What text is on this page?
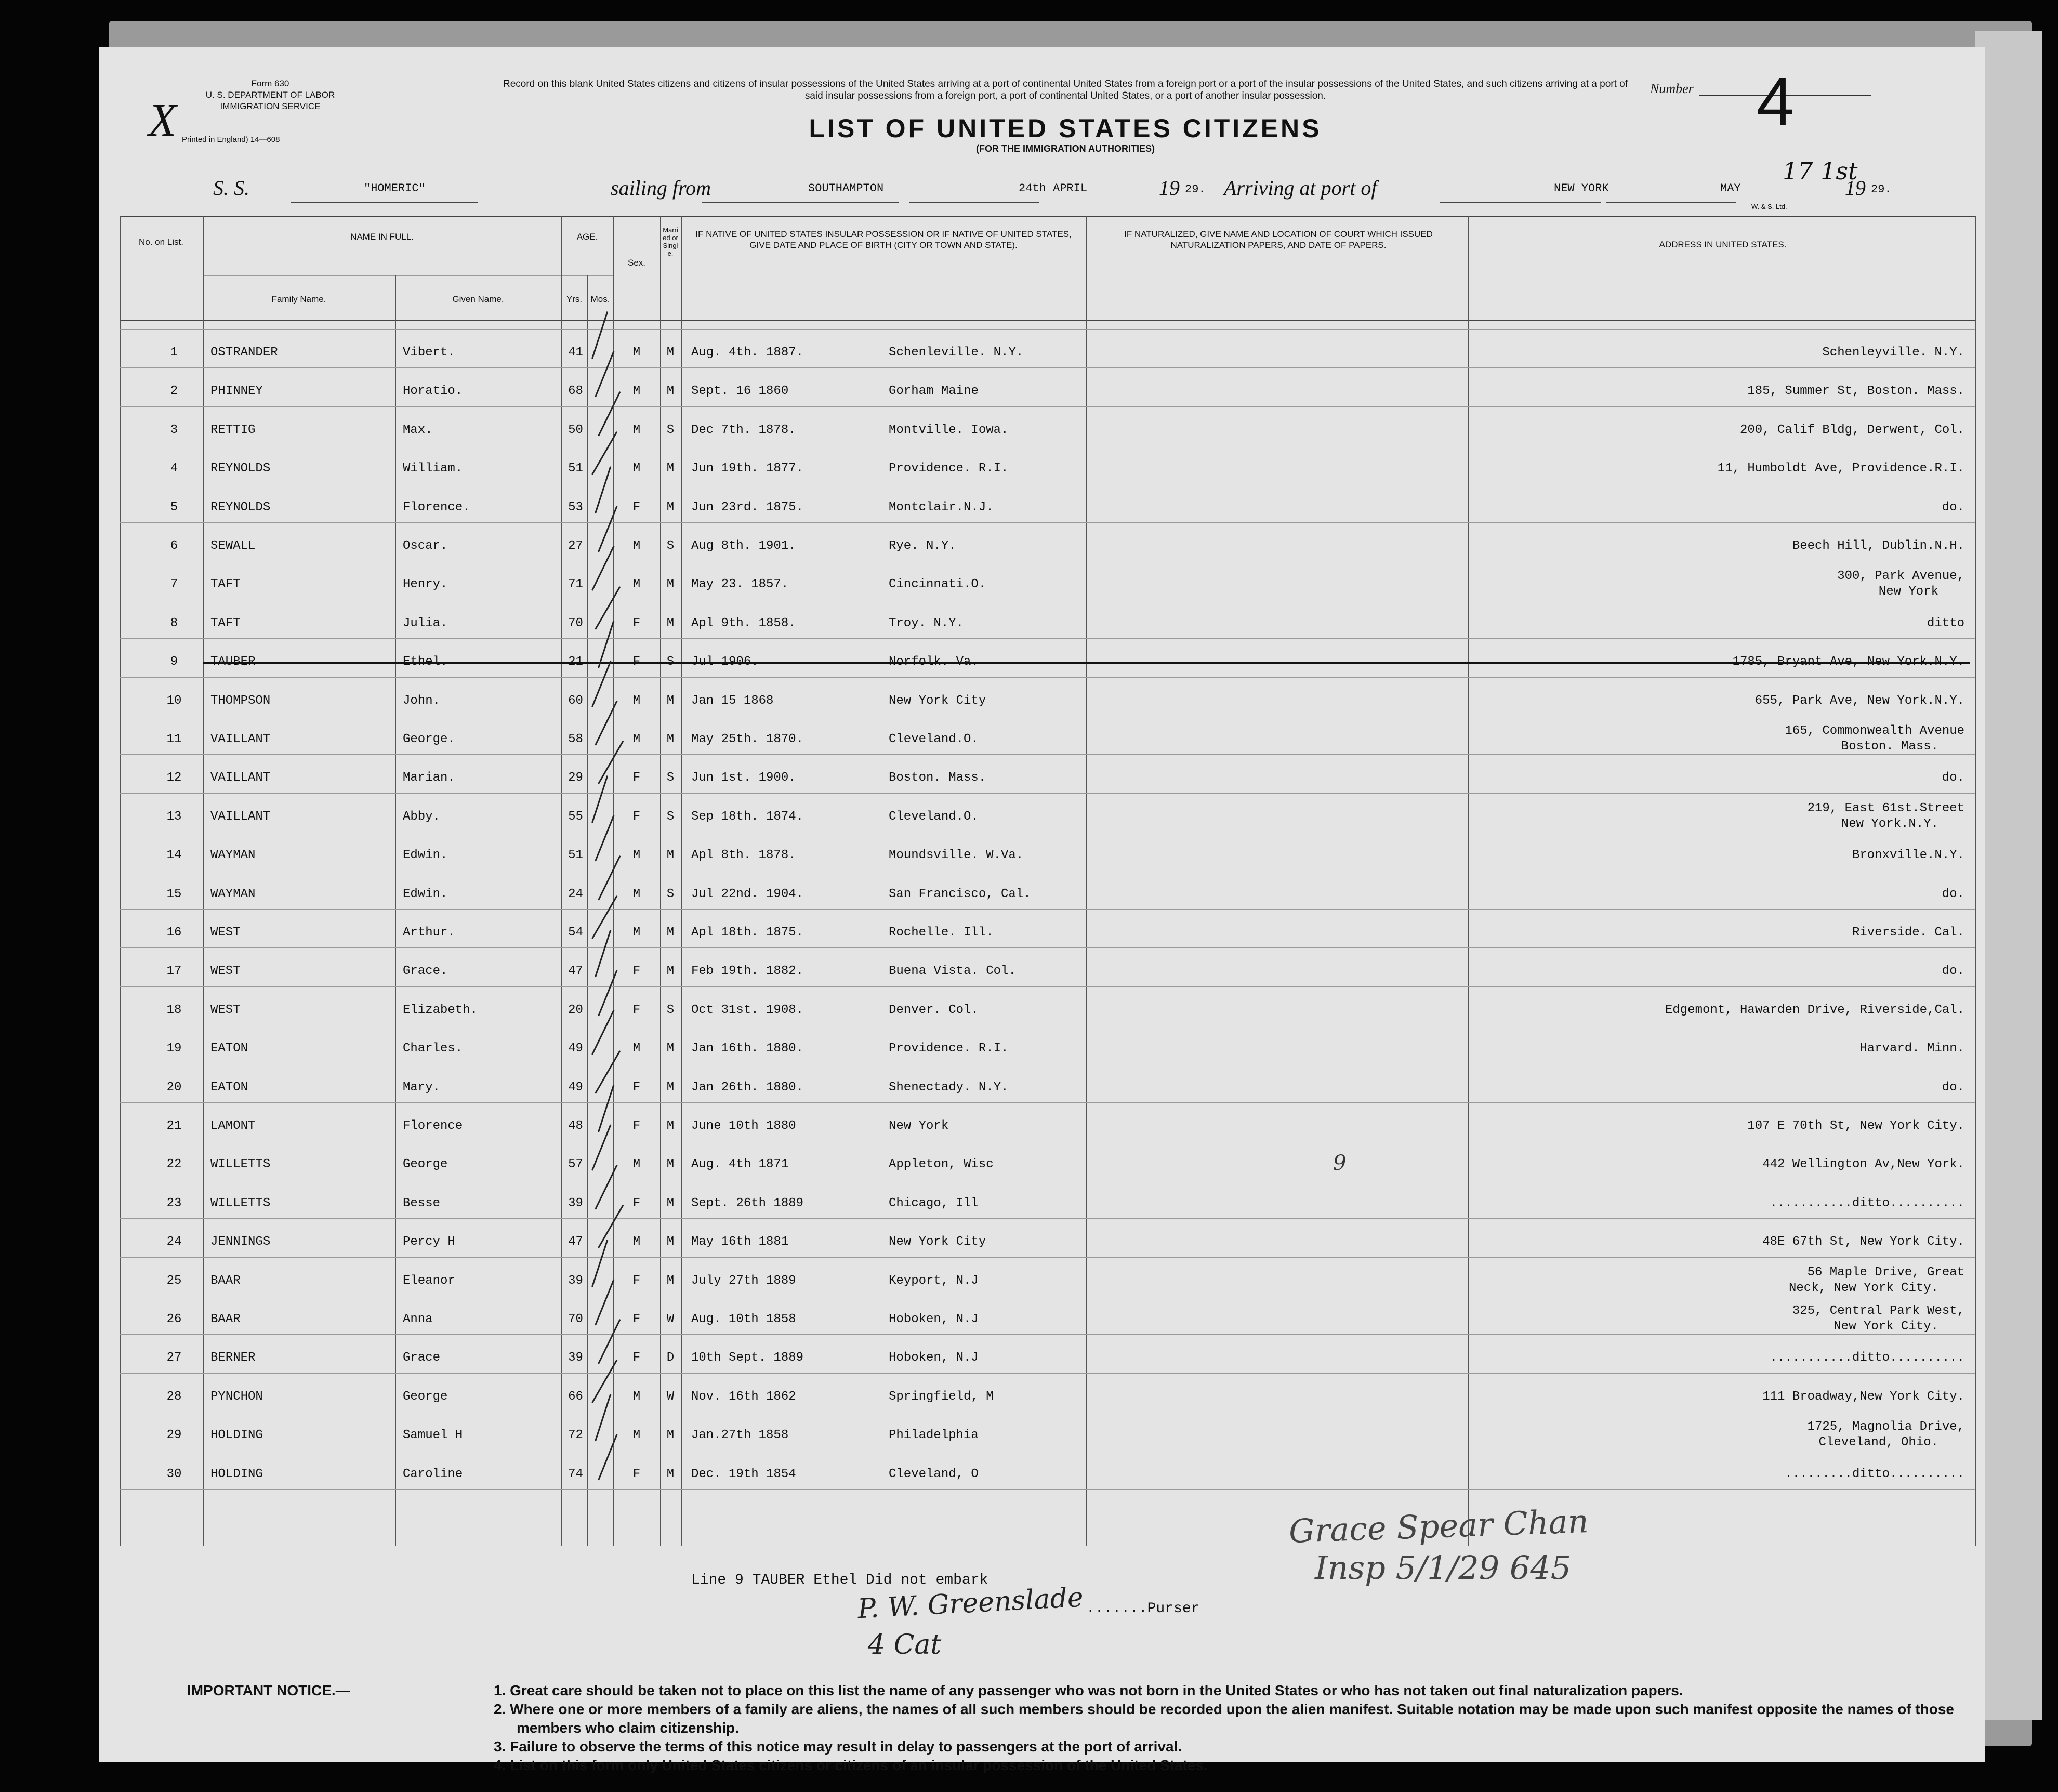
X
Form 630
U. S. DEPARTMENT OF LABOR
IMMIGRATION SERVICE
Printed in England) 14—608
Record on this blank United States citizens and citizens of insular possessions of the United States arriving at a port of continental United States from a foreign port or a port of the insular possessions of the United States, and such citizens arriving at a port of said insular possessions from a foreign port, a port of continental United States, or a port of another insular possession.
LIST OF UNITED STATES CITIZENS
(FOR THE IMMIGRATION AUTHORITIES)
Number 4
S. S.	"HOMERIC"	sailing from	SOUTHAMPTON	24th APRIL	19 29. Arriving at port of	NEW YORK	MAY
17 1st
19 29.
W. & S. Ltd.
No. on List.
NAME IN FULL.
Family Name.	Given Name.
AGE.
Yrs. Mos.
Sex.
Married or Single.
IF NATIVE OF UNITED STATES INSULAR POSSESSION OR IF NATIVE OF UNITED STATES, GIVE DATE AND PLACE OF BIRTH (CITY OR TOWN AND STATE).
IF NATURALIZED, GIVE NAME AND LOCATION OF COURT WHICH ISSUED NATURALIZATION PAPERS, AND DATE OF PAPERS.	ADDRESS IN UNITED STATES.
1	OSTRANDER	Vibert.	41	M	M	Aug. 4th. 1887.	Schenleville. N.Y.	Schenleyville. N.Y.
2	PHINNEY	Horatio.	68	M	M	Sept. 16 1860	Gorham Maine	185, Summer St, Boston. Mass.
3	RETTIG	Max.	50	M	S	Dec 7th. 1878.	Montville. Iowa.	200, Calif Bldg, Derwent, Col.
4	REYNOLDS	William.	51	M	M	Jun 19th. 1877.	Providence. R.I.	11, Humboldt Ave, Providence.R.I.
5	REYNOLDS	Florence.	53	F	M	Jun 23rd. 1875.	Montclair.N.J.	do.
6	SEWALL	Oscar.	27	M	S	Aug 8th. 1901.	Rye. N.Y.	Beech Hill, Dublin.N.H.
7	TAFT	Henry.	71	M	M	May 23. 1857.	Cincinnati.O.
300, Park Avenue,
New York
8	TAFT	Julia.	70	F	M	Apl 9th. 1858.	Troy. N.Y.	ditto
9	TAUBER	Ethel.	21	F	S	Jul 1906.	Norfolk. Va.	1785, Bryant Ave, New York.N.Y.
10	THOMPSON	John.	60	M	M	Jan 15 1868	New York City	655, Park Ave, New York.N.Y.
11	VAILLANT	George.	58	M	M	May 25th. 1870.	Cleveland.O.
165, Commonwealth Avenue
Boston. Mass.
12	VAILLANT	Marian.	29	F	S	Jun 1st. 1900.	Boston. Mass.	do.
13	VAILLANT	Abby.	55	F	S	Sep 18th. 1874.	Cleveland.O.
219, East 61st.Street
New York.N.Y.
14	WAYMAN	Edwin.	51	M	M	Apl 8th. 1878.	Moundsville. W.Va.	Bronxville.N.Y.
15	WAYMAN	Edwin.	24	M	S	Jul 22nd. 1904.	San Francisco, Cal.	do.
16	WEST	Arthur.	54	M	M	Apl 18th. 1875.	Rochelle. Ill.	Riverside. Cal.
17	WEST	Grace.	47	F	M	Feb 19th. 1882.	Buena Vista. Col.	do.
18	WEST	Elizabeth.	20	F	S	Oct 31st. 1908.	Denver. Col.	Edgemont, Hawarden Drive, Riverside,Cal.
19	EATON	Charles.	49	M	M	Jan 16th. 1880.	Providence. R.I.	Harvard. Minn.
20	EATON	Mary.	49	F	M	Jan 26th. 1880.	Shenectady. N.Y.	do.
21	LAMONT	Florence	48	F	M	June 10th 1880	New York	107 E 70th St, New York City.
22	WILLETTS	George	57	M	M	Aug. 4th 1871	Appleton, Wisc	442 Wellington Av,New York.
23	WILLETTS	Besse	39	F	M	Sept. 26th 1889	Chicago, Ill	...........ditto..........
24	JENNINGS	Percy H	47	M	M	May 16th 1881	New York City	48E 67th St, New York City.
25	BAAR	Eleanor	39	F	M	July 27th 1889	Keyport, N.J
56 Maple Drive, Great
Neck, New York City.
26	BAAR	Anna	70	F	W	Aug. 10th 1858	Hoboken, N.J
325, Central Park West,
New York City.
27	BERNER	Grace	39	F	D	10th Sept. 1889	Hoboken, N.J	...........ditto..........
28	PYNCHON	George	66	M	W	Nov. 16th 1862	Springfield, M	111 Broadway,New York City.
29	HOLDING	Samuel H	72	M	M	Jan.27th 1858	Philadelphia
1725, Magnolia Drive,
Cleveland, Ohio.
30	HOLDING	Caroline	74	F	M	Dec. 19th 1854	Cleveland, O	.........ditto..........
9
Line 9 TAUBER Ethel Did not embark
P. W. Greenslade .......Purser
4 Cat
Grace Spear Chan
Insp 5/1/29 645
IMPORTANT NOTICE.—	1. Great care should be taken not to place on this list the name of any passenger who was not born in the United States or who has not taken out final naturalization papers.
2. Where one or more members of a family are aliens, the names of all such members should be recorded upon the alien manifest. Suitable notation may be made upon such manifest opposite the names of those members who claim citizenship.
3. Failure to observe the terms of this notice may result in delay to passengers at the port of arrival.
4. List on this form only United States citizens or citizens of an insular possession of the United States.
